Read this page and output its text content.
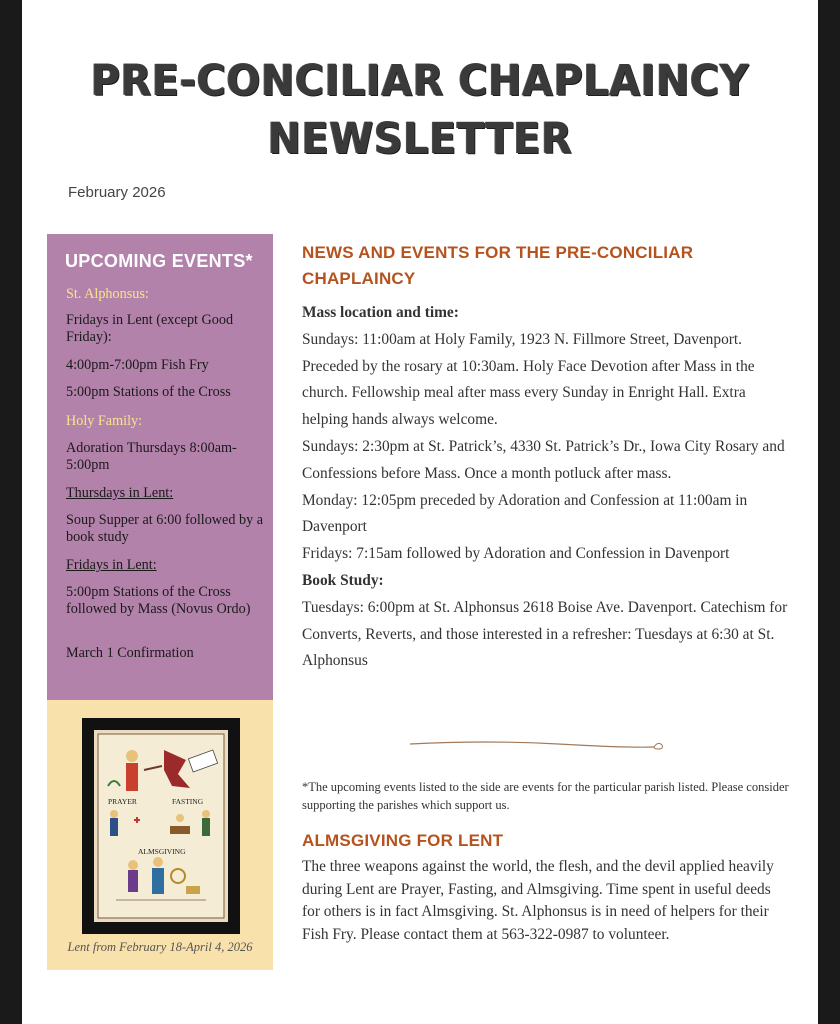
PRE-CONCILIAR CHAPLAINCY
NEWSLETTER
February 2026
UPCOMING EVENTS*
St. Alphonsus:
Fridays in Lent (except Good Friday):
4:00pm-7:00pm Fish Fry
5:00pm Stations of the Cross
Holy Family:
Adoration Thursdays 8:00am-5:00pm
Thursdays in Lent:
Soup Supper at 6:00 followed by a book study
Fridays in Lent:
5:00pm Stations of the Cross followed by Mass (Novus Ordo)
March 1 Confirmation
PRAYER	FASTING
ALMSGIVING
Lent from February 18-April 4, 2026
NEWS AND EVENTS FOR THE PRE-CONCILIAR CHAPLAINCY
Mass location and time:
Sundays: 11:00am at Holy Family, 1923 N. Fillmore Street, Davenport. Preceded by the rosary at 10:30am. Holy Face Devotion after Mass in the church. Fellowship meal after mass every Sunday in Enright Hall. Extra helping hands always welcome.
Sundays: 2:30pm at St. Patrick’s, 4330 St. Patrick’s Dr., Iowa City Rosary and Confessions before Mass. Once a month potluck after mass.
Monday: 12:05pm preceded by Adoration and Confession at 11:00am in Davenport
Fridays: 7:15am followed by Adoration and Confession in Davenport
Book Study:
Tuesdays: 6:00pm at St. Alphonsus 2618 Boise Ave. Davenport. Catechism for Converts, Reverts, and those interested in a refresher: Tuesdays at 6:30 at St. Alphonsus
*The upcoming events listed to the side are events for the particular parish listed. Please consider supporting the parishes which support us.
ALMSGIVING FOR LENT
The three weapons against the world, the flesh, and the devil applied heavily during Lent are Prayer, Fasting, and Almsgiving. Time spent in useful deeds for others is in fact Almsgiving. St. Alphonsus is in need of helpers for their Fish Fry. Please contact them at 563-322-0987 to volunteer.
